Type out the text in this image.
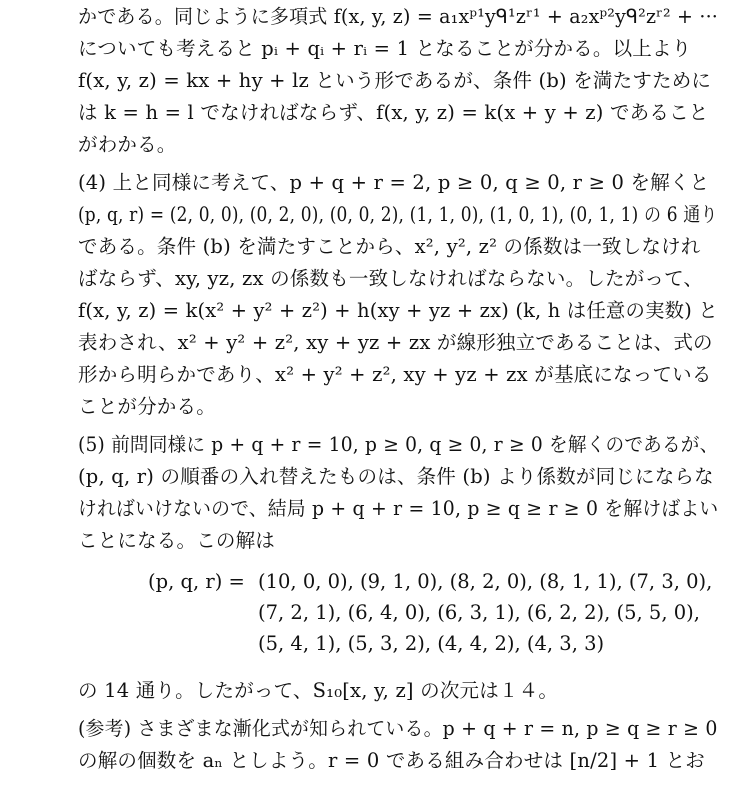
かである。同じように多項式 f(x, y, z) = a₁xᵖ¹yᑫ¹zʳ¹ + a₂xᵖ²yᑫ²zʳ² + ···
についても考えると pᵢ + qᵢ + rᵢ = 1 となることが分かる。以上より
f(x, y, z) = kx + hy + lz という形であるが、条件 (b) を満たすために
は k = h = l でなければならず、f(x, y, z) = k(x + y + z) であること
がわかる。
(4) 上と同様に考えて、p + q + r = 2, p ≥ 0, q ≥ 0, r ≥ 0 を解くと
(p, q, r) = (2, 0, 0), (0, 2, 0), (0, 0, 2), (1, 1, 0), (1, 0, 1), (0, 1, 1) の 6 通り
である。条件 (b) を満たすことから、x², y², z² の係数は一致しなけれ
ばならず、xy, yz, zx の係数も一致しなければならない。したがって、
f(x, y, z) = k(x² + y² + z²) + h(xy + yz + zx) (k, h は任意の実数) と
表わされ、x² + y² + z², xy + yz + zx が線形独立であることは、式の
形から明らかであり、x² + y² + z², xy + yz + zx が基底になっている
ことが分かる。
(5) 前問同様に p + q + r = 10, p ≥ 0, q ≥ 0, r ≥ 0 を解くのであるが、
(p, q, r) の順番の入れ替えたものは、条件 (b) より係数が同じにならな
ければいけないので、結局 p + q + r = 10, p ≥ q ≥ r ≥ 0 を解けばよい
ことになる。この解は
(p, q, r) = (10, 0, 0), (9, 1, 0), (8, 2, 0), (8, 1, 1), (7, 3, 0),
(7, 2, 1), (6, 4, 0), (6, 3, 1), (6, 2, 2), (5, 5, 0),
(5, 4, 1), (5, 3, 2), (4, 4, 2), (4, 3, 3)
の 14 通り。したがって、S₁₀[x, y, z] の次元は１４。
(参考) さまざまな漸化式が知られている。p + q + r = n, p ≥ q ≥ r ≥ 0
の解の個数を aₙ としよう。r = 0 である組み合わせは [n/2] + 1 とお
